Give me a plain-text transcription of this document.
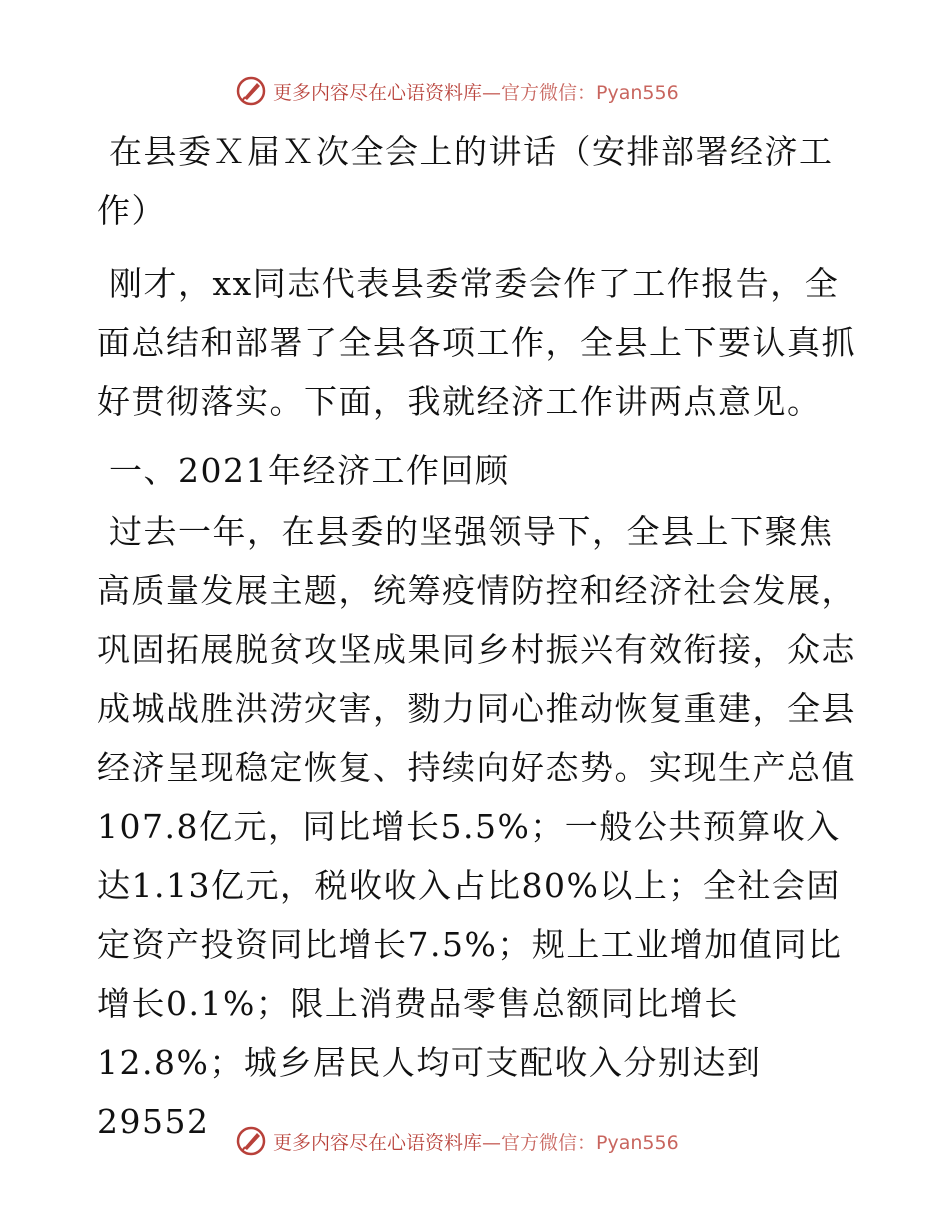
更多内容尽在心语资料库 —官方微信：Pyan556

在县委Ｘ届Ｘ次全会上的讲话（安排部署经济工作）

刚才，xx同志代表县委常委会作了工作报告，全面总结和部署了全县各项工作，全县上下要认真抓好贯彻落实。下面，我就经济工作讲两点意见。

一、2021年经济工作回顾

过去一年，在县委的坚强领导下，全县上下聚焦高质量发展主题，统筹疫情防控和经济社会发展，巩固拓展脱贫攻坚成果同乡村振兴有效衔接，众志成城战胜洪涝灾害，勠力同心推动恢复重建，全县经济呈现稳定恢复、持续向好态势。实现生产总值107.8亿元，同比增长5.5%；一般公共预算收入达1.13亿元，税收收入占比80%以上；全社会固定资产投资同比增长7.5%；规上工业增加值同比增长0.1%；限上消费品零售总额同比增长12.8%；城乡居民人均可支配收入分别达到29552

更多内容尽在心语资料库 —官方微信：Pyan556
